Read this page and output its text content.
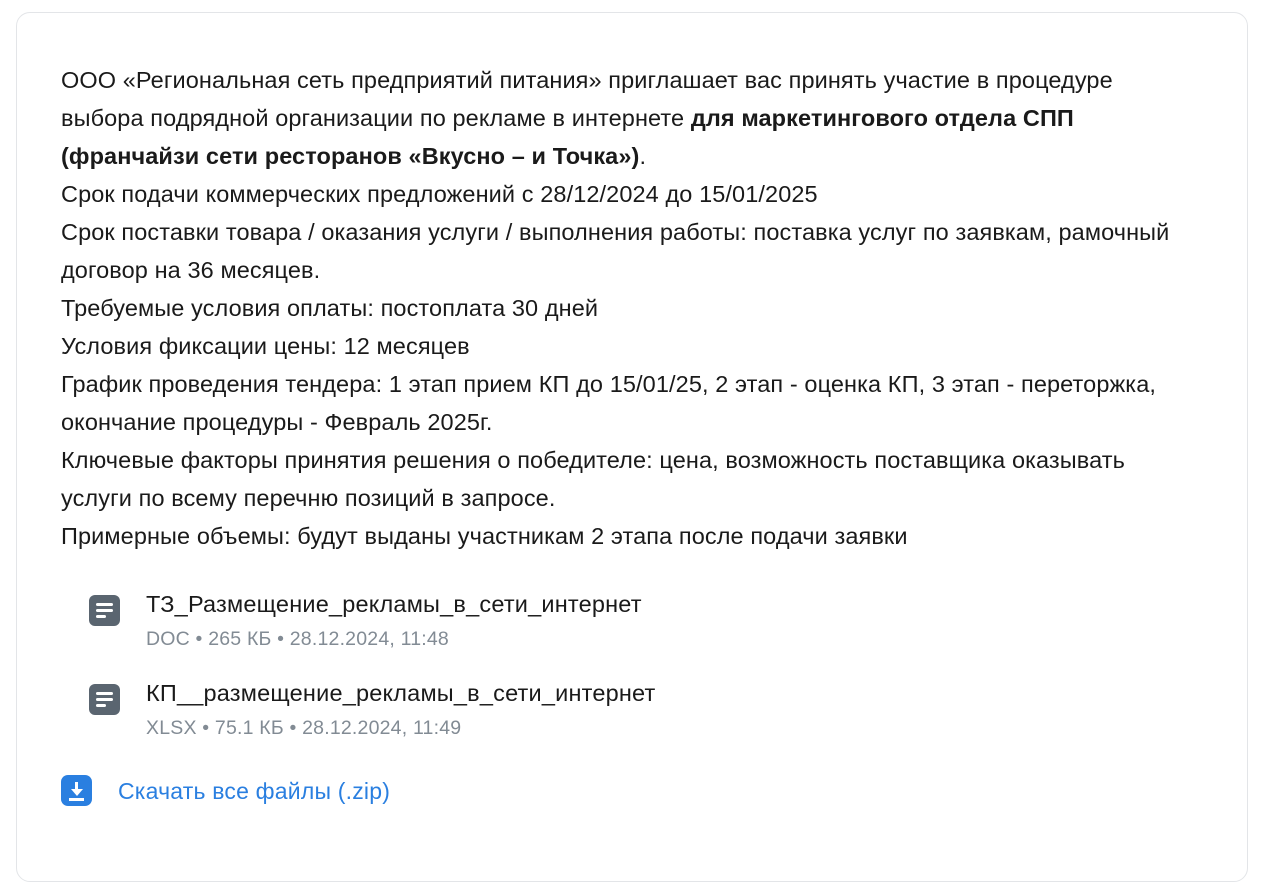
ООО «Региональная сеть предприятий питания» приглашает вас принять участие в процедуре выбора подрядной организации по рекламе в интернете для маркетингового отдела СПП (франчайзи сети ресторанов «Вкусно – и Точка»).

Срок подачи коммерческих предложений с 28/12/2024 до 15/01/2025

Срок поставки товара / оказания услуги / выполнения работы: поставка услуг по заявкам, рамочный договор на 36 месяцев.

Требуемые условия оплаты: постоплата 30 дней

Условия фиксации цены: 12 месяцев

График проведения тендера: 1 этап прием КП до 15/01/25, 2 этап - оценка КП, 3 этап - переторжка, окончание процедуры - Февраль 2025г.

Ключевые факторы принятия решения о победителе: цена, возможность поставщика оказывать услуги по всему перечню позиций в запросе.

Примерные объемы: будут выданы участникам 2 этапа после подачи заявки

ТЗ_Размещение_рекламы_в_сети_интернет
DOC • 265 КБ • 28.12.2024, 11:48
КП__размещение_рекламы_в_сети_интернет
XLSX • 75.1 КБ • 28.12.2024, 11:49
Скачать все файлы (.zip)
